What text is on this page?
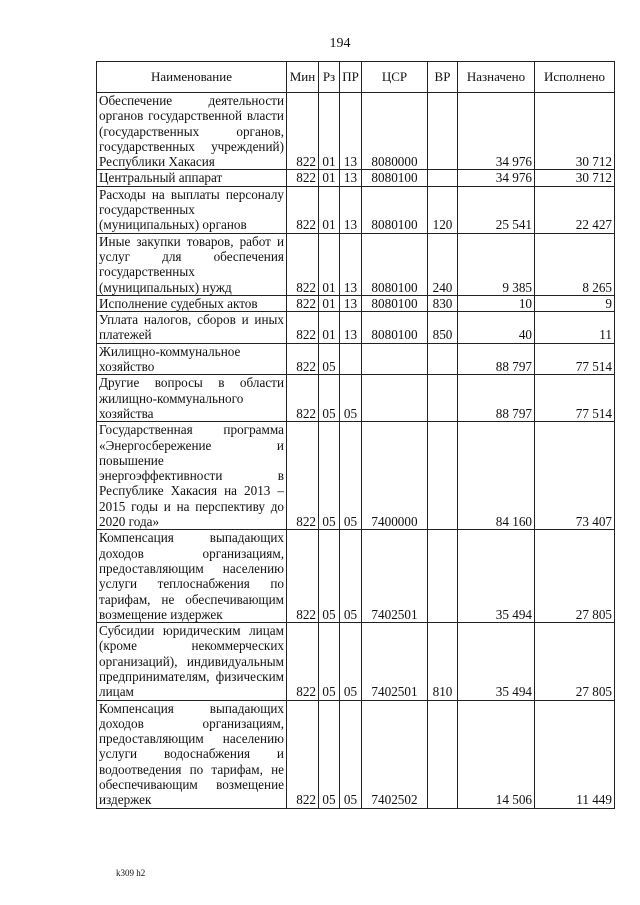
194
Наименование	Мин	Рз	ПР	ЦСР	ВР	Назначено	Исполнено
Обеспечение деятельности органов государственной власти (государственных органов, государственных учреждений) Республики Хакасия	822	01	13	8080000		34 976	30 712
Центральный аппарат	822	01	13	8080100		34 976	30 712
Расходы на выплаты персоналу государственных (муниципальных) органов	822	01	13	8080100	120	25 541	22 427
Иные закупки товаров, работ и услуг для обеспечения государственных (муниципальных) нужд	822	01	13	8080100	240	9 385	8 265
Исполнение судебных актов	822	01	13	8080100	830	10	9
Уплата налогов, сборов и иных платежей	822	01	13	8080100	850	40	11
Жилищно-коммунальное хозяйство	822	05				88 797	77 514
Другие вопросы в области жилищно-коммунального хозяйства	822	05	05			88 797	77 514
Государственная программа «Энергосбережение и повышение энергоэффективности в Республике Хакасия на 2013 – 2015 годы и на перспективу до 2020 года»	822	05	05	7400000		84 160	73 407
Компенсация выпадающих доходов организациям, предоставляющим населению услуги теплоснабжения по тарифам, не обеспечивающим возмещение издержек	822	05	05	7402501		35 494	27 805
Субсидии юридическим лицам (кроме некоммерческих организаций), индивидуальным предпринимателям, физическим лицам	822	05	05	7402501	810	35 494	27 805
Компенсация выпадающих доходов организациям, предоставляющим населению услуги водоснабжения и водоотведения по тарифам, не обеспечивающим возмещение издержек	822	05	05	7402502		14 506	11 449
k309 h2
